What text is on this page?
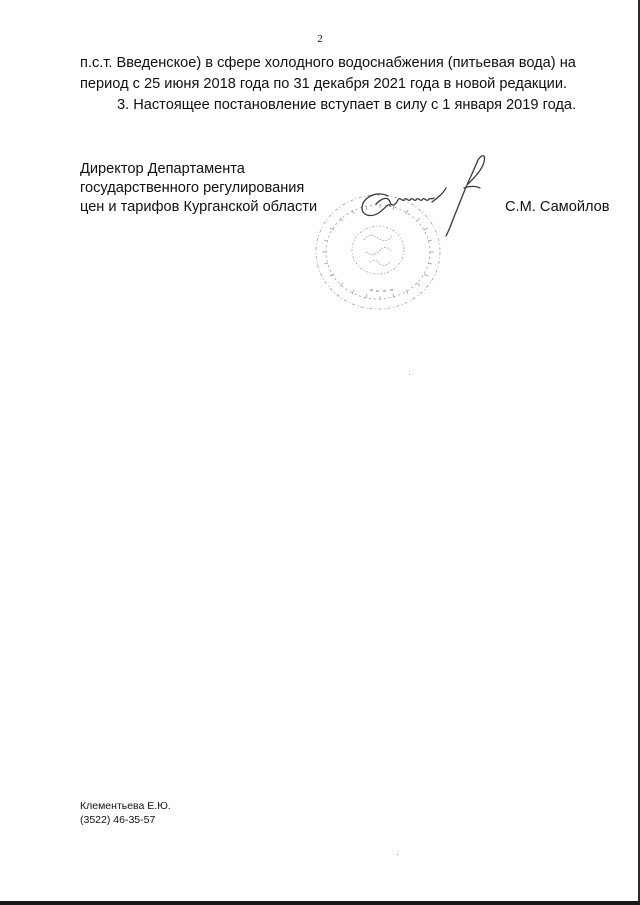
2

п.с.т. Введенское) в сфере холодного водоснабжения (питьевая вода) на

период с 25 июня 2018 года по 31 декабря 2021 года в новой редакции.

3. Настоящее постановление вступает в силу с 1 января 2019 года.

Директор Департамента
государственного регулирования
цен и тарифов Курганской области	С.М. Самойлов
Клементьева Е.Ю.
(3522) 46-35-57
